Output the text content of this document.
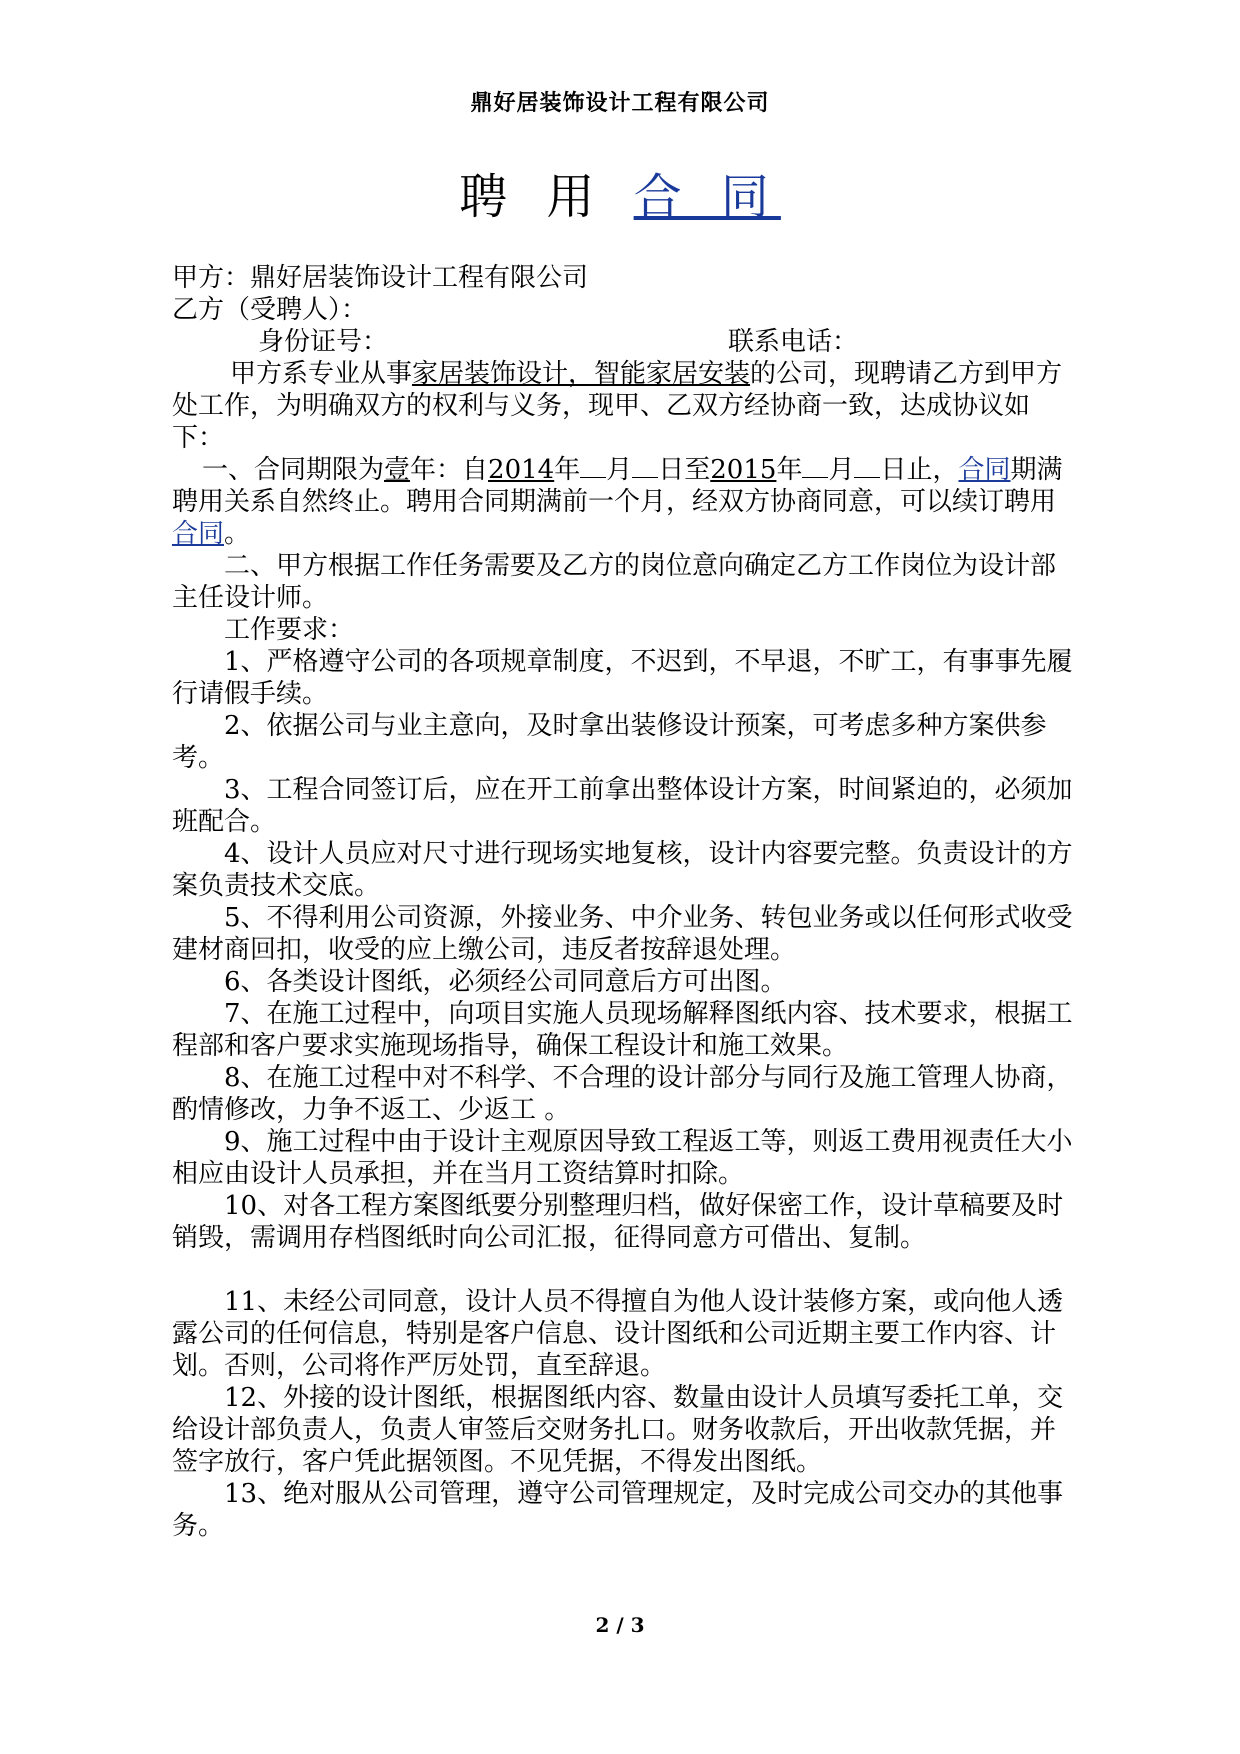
鼎好居装饰设计工程有限公司
聘 用 合 同

甲方：鼎好居装饰设计工程有限公司

乙方（受聘人）：

身份证号：	联系电话：

甲方系专业从事家居装饰设计，智能家居安装的公司，现聘请乙方到甲方处工作，为明确双方的权利与义务，现甲、乙双方经协商一致，达成协议如下：

一、合同期限为壹年：自2014年 月 日至2015年 月 日止，合同期满聘用关系自然终止。聘用合同期满前一个月，经双方协商同意，可以续订聘用合同。

二、甲方根据工作任务需要及乙方的岗位意向确定乙方工作岗位为设计部主任设计师。

工作要求：

1、严格遵守公司的各项规章制度，不迟到，不早退，不旷工，有事事先履行请假手续。

2、依据公司与业主意向，及时拿出装修设计预案，可考虑多种方案供参考。

3、工程合同签订后，应在开工前拿出整体设计方案，时间紧迫的，必须加班配合。

4、设计人员应对尺寸进行现场实地复核，设计内容要完整。负责设计的方案负责技术交底。

5、不得利用公司资源，外接业务、中介业务、转包业务或以任何形式收受建材商回扣，收受的应上缴公司，违反者按辞退处理。

6、各类设计图纸，必须经公司同意后方可出图。

7、在施工过程中，向项目实施人员现场解释图纸内容、技术要求，根据工程部和客户要求实施现场指导，确保工程设计和施工效果。

8、在施工过程中对不科学、不合理的设计部分与同行及施工管理人协商，酌情修改，力争不返工、少返工 。

9、施工过程中由于设计主观原因导致工程返工等，则返工费用视责任大小相应由设计人员承担，并在当月工资结算时扣除。

10、对各工程方案图纸要分别整理归档，做好保密工作，设计草稿要及时销毁，需调用存档图纸时向公司汇报，征得同意方可借出、复制。

11、未经公司同意，设计人员不得擅自为他人设计装修方案，或向他人透露公司的任何信息，特别是客户信息、设计图纸和公司近期主要工作内容、计划。否则，公司将作严厉处罚，直至辞退。

12、外接的设计图纸，根据图纸内容、数量由设计人员填写委托工单，交给设计部负责人，负责人审签后交财务扎口。财务收款后，开出收款凭据，并签字放行，客户凭此据领图。不见凭据，不得发出图纸。

13、绝对服从公司管理，遵守公司管理规定，及时完成公司交办的其他事务。

2 / 3
